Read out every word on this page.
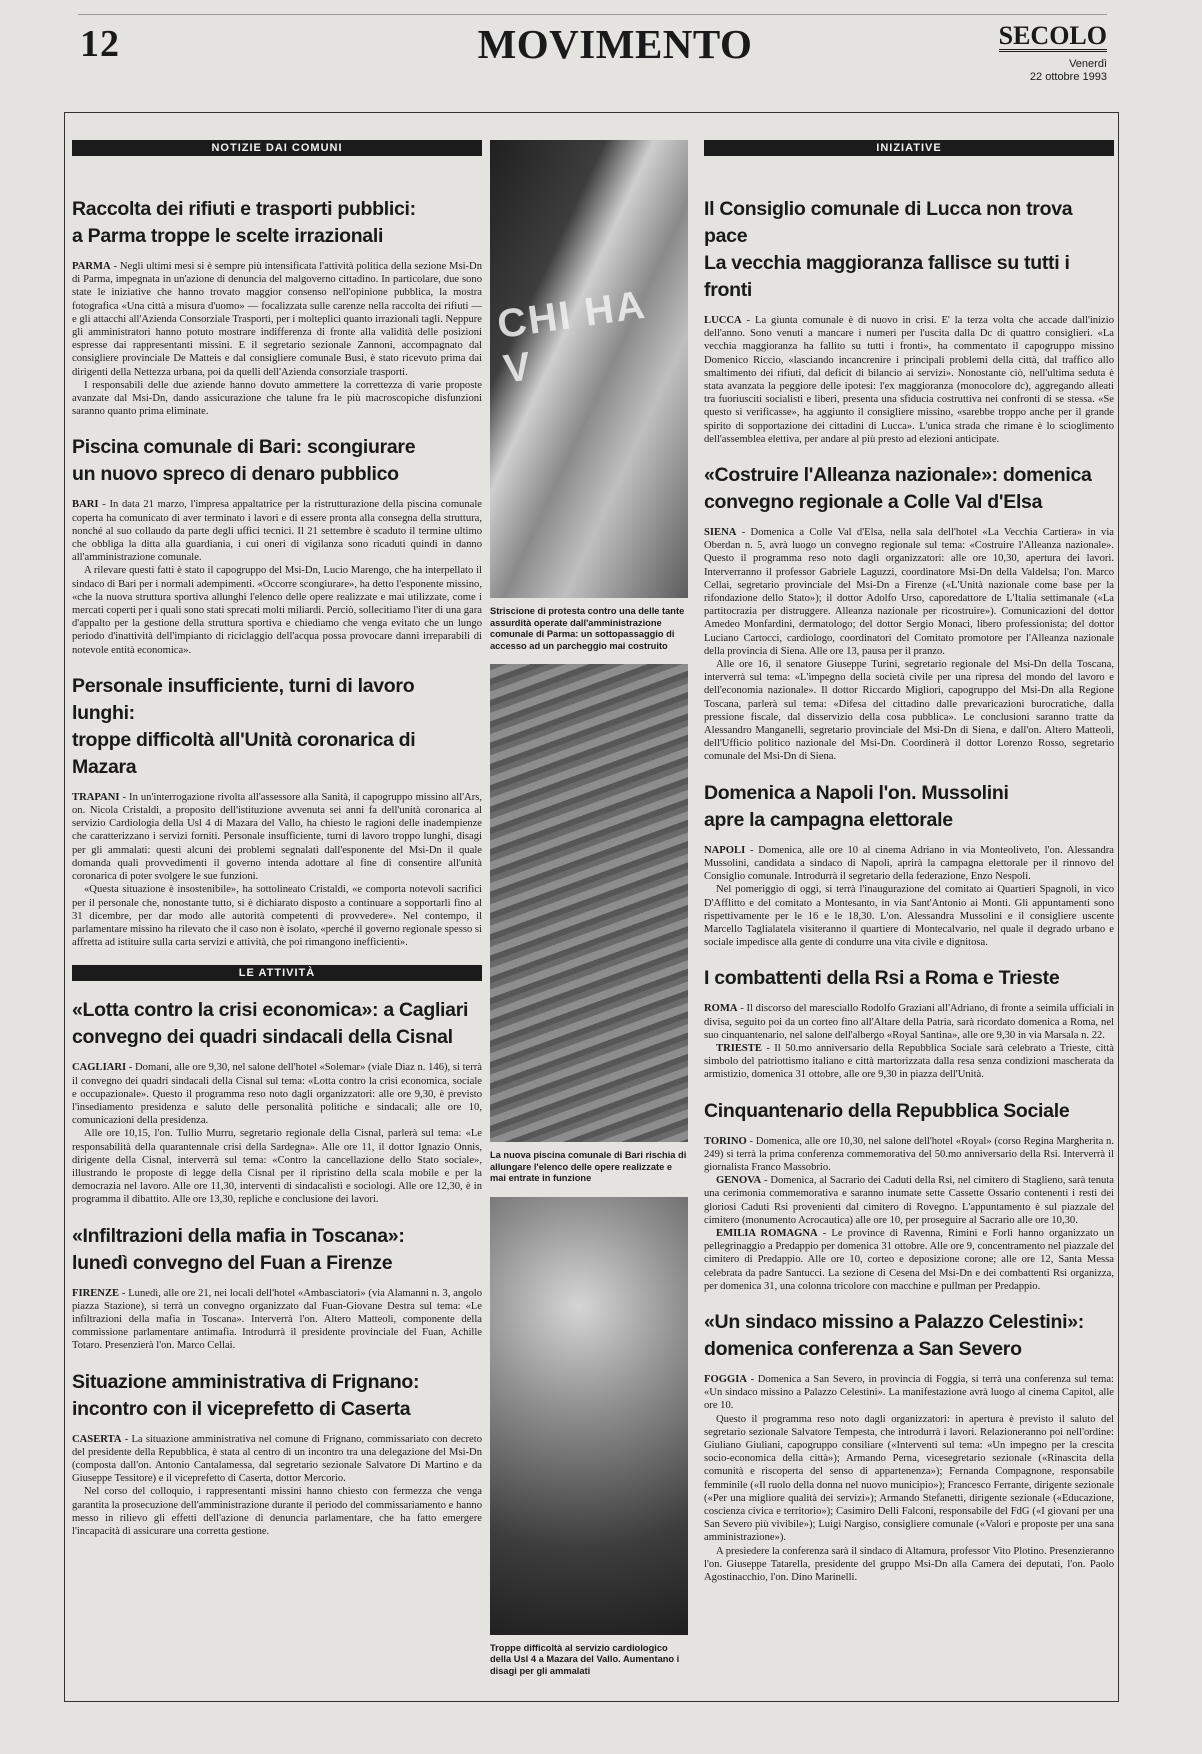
12	MOVIMENTO	SECOLO
Venerdì
22 ottobre 1993
NOTIZIE DAI COMUNI
Raccolta dei rifiuti e trasporti pubblici:
a Parma troppe le scelte irrazionali

PARMA - Negli ultimi mesi si è sempre più intensificata l'attività politica della sezione Msi-Dn di Parma, impegnata in un'azione di denuncia del malgoverno cittadino. In particolare, due sono state le iniziative che hanno trovato maggior consenso nell'opinione pubblica, la mostra fotografica «Una città a misura d'uomo» — focalizzata sulle carenze nella raccolta dei rifiuti — e gli attacchi all'Azienda Consorziale Trasporti, per i molteplici quanto irrazionali tagli. Neppure gli amministratori hanno potuto mostrare indifferenza di fronte alla validità delle posizioni espresse dai rappresentanti missini. E il segretario sezionale Zannoni, accompagnato dal consigliere provinciale De Matteis e dal consigliere comunale Busi, è stato ricevuto prima dai dirigenti della Nettezza urbana, poi da quelli dell'Azienda consorziale trasporti.

I responsabili delle due aziende hanno dovuto ammettere la correttezza di varie proposte avanzate dal Msi-Dn, dando assicurazione che talune fra le più macroscopiche disfunzioni saranno quanto prima eliminate.

Piscina comunale di Bari: scongiurare
un nuovo spreco di denaro pubblico

BARI - In data 21 marzo, l'impresa appaltatrice per la ristrutturazione della piscina comunale coperta ha comunicato di aver terminato i lavori e di essere pronta alla consegna della struttura, nonché al suo collaudo da parte degli uffici tecnici. Il 21 settembre è scaduto il termine ultimo che obbliga la ditta alla guardiania, i cui oneri di vigilanza sono ricaduti quindi in danno all'amministrazione comunale.

A rilevare questi fatti è stato il capogruppo del Msi-Dn, Lucio Marengo, che ha interpellato il sindaco di Bari per i normali adempimenti. «Occorre scongiurare», ha detto l'esponente missino, «che la nuova struttura sportiva allunghi l'elenco delle opere realizzate e mai utilizzate, come i mercati coperti per i quali sono stati sprecati molti miliardi. Perciò, sollecitiamo l'iter di una gara d'appalto per la gestione della struttura sportiva e chiediamo che venga evitato che un lungo periodo d'inattività dell'impianto di riciclaggio dell'acqua possa provocare danni irreparabili di notevole entità economica».

Personale insufficiente, turni di lavoro lunghi:
troppe difficoltà all'Unità coronarica di Mazara

TRAPANI - In un'interrogazione rivolta all'assessore alla Sanità, il capogruppo missino all'Ars, on. Nicola Cristaldi, a proposito dell'istituzione avvenuta sei anni fa dell'unità coronarica al servizio Cardiologia della Usl 4 di Mazara del Vallo, ha chiesto le ragioni delle inadempienze che caratterizzano i servizi forniti. Personale insufficiente, turni di lavoro troppo lunghi, disagi per gli ammalati: questi alcuni dei problemi segnalati dall'esponente del Msi-Dn il quale domanda quali provvedimenti il governo intenda adottare al fine di consentire all'unità coronarica di poter svolgere le sue funzioni.

«Questa situazione è insostenibile», ha sottolineato Cristaldi, «e comporta notevoli sacrifici per il personale che, nonostante tutto, si è dichiarato disposto a continuare a sopportarli fino al 31 dicembre, per dar modo alle autorità competenti di provvedere». Nel contempo, il parlamentare missino ha rilevato che il caso non è isolato, «perché il governo regionale spesso si affretta ad istituire sulla carta servizi e attività, che poi rimangono inefficienti».

LE ATTIVITÀ
«Lotta contro la crisi economica»: a Cagliari
convegno dei quadri sindacali della Cisnal

CAGLIARI - Domani, alle ore 9,30, nel salone dell'hotel «Solemar» (viale Diaz n. 146), si terrà il convegno dei quadri sindacali della Cisnal sul tema: «Lotta contro la crisi economica, sociale e occupazionale». Questo il programma reso noto dagli organizzatori: alle ore 9,30, è previsto l'insediamento presidenza e saluto delle personalità politiche e sindacali; alle ore 10, comunicazioni della presidenza.

Alle ore 10,15, l'on. Tullio Murru, segretario regionale della Cisnal, parlerà sul tema: «Le responsabilità della quarantennale crisi della Sardegna». Alle ore 11, il dottor Ignazio Onnis, dirigente della Cisnal, interverrà sul tema: «Contro la cancellazione dello Stato sociale», illustrando le proposte di legge della Cisnal per il ripristino della scala mobile e per la democrazia nel lavoro. Alle ore 11,30, interventi di sindacalisti e sociologi. Alle ore 12,30, è in programma il dibattito. Alle ore 13,30, repliche e conclusione dei lavori.

«Infiltrazioni della mafia in Toscana»:
lunedì convegno del Fuan a Firenze

FIRENZE - Lunedì, alle ore 21, nei locali dell'hotel «Ambasciatori» (via Alamanni n. 3, angolo piazza Stazione), si terrà un convegno organizzato dal Fuan-Giovane Destra sul tema: «Le infiltrazioni della mafia in Toscana». Interverrà l'on. Altero Matteoli, componente della commissione parlamentare antimafia. Introdurrà il presidente provinciale del Fuan, Achille Totaro. Presenzierà l'on. Marco Cellai.

Situazione amministrativa di Frignano:
incontro con il viceprefetto di Caserta

CASERTA - La situazione amministrativa nel comune di Frignano, commissariato con decreto del presidente della Repubblica, è stata al centro di un incontro tra una delegazione del Msi-Dn (composta dall'on. Antonio Cantalamessa, dal segretario sezionale Salvatore Di Martino e da Giuseppe Tessitore) e il viceprefetto di Caserta, dottor Mercorio.

Nel corso del colloquio, i rappresentanti missini hanno chiesto con fermezza che venga garantita la prosecuzione dell'amministrazione durante il periodo del commissariamento e hanno messo in rilievo gli effetti dell'azione di denuncia parlamentare, che ha fatto emergere l'incapacità di assicurare una corretta gestione.

CHI HA V
Striscione di protesta contro una delle tante assurdità operate dall'amministrazione comunale di Parma: un sottopassaggio di accesso ad un parcheggio mai costruito
La nuova piscina comunale di Bari rischia di allungare l'elenco delle opere realizzate e mai entrate in funzione
Troppe difficoltà al servizio cardiologico della Usl 4 a Mazara del Vallo. Aumentano i disagi per gli ammalati
INIZIATIVE
Il Consiglio comunale di Lucca non trova pace
La vecchia maggioranza fallisce su tutti i fronti

LUCCA - La giunta comunale è di nuovo in crisi. E' la terza volta che accade dall'inizio dell'anno. Sono venuti a mancare i numeri per l'uscita dalla Dc di quattro consiglieri. «La vecchia maggioranza ha fallito su tutti i fronti», ha commentato il capogruppo missino Domenico Riccio, «lasciando incancrenire i principali problemi della città, dal traffico allo smaltimento dei rifiuti, dal deficit di bilancio ai servizi». Nonostante ciò, nell'ultima seduta è stata avanzata la peggiore delle ipotesi: l'ex maggioranza (monocolore dc), aggregando alleati tra fuoriusciti socialisti e liberi, presenta una sfiducia costruttiva nei confronti di se stessa. «Se questo si verificasse», ha aggiunto il consigliere missino, «sarebbe troppo anche per il grande spirito di sopportazione dei cittadini di Lucca». L'unica strada che rimane è lo scioglimento dell'assemblea elettiva, per andare al più presto ad elezioni anticipate.

«Costruire l'Alleanza nazionale»: domenica
convegno regionale a Colle Val d'Elsa

SIENA - Domenica a Colle Val d'Elsa, nella sala dell'hotel «La Vecchia Cartiera» in via Oberdan n. 5, avrà luogo un convegno regionale sul tema: «Costruire l'Alleanza nazionale». Questo il programma reso noto dagli organizzatori: alle ore 10,30, apertura dei lavori. Interverranno il professor Gabriele Laguzzi, coordinatore Msi-Dn della Valdelsa; l'on. Marco Cellai, segretario provinciale del Msi-Dn a Firenze («L'Unità nazionale come base per la rifondazione dello Stato»); il dottor Adolfo Urso, caporedattore de L'Italia settimanale («La partitocrazia per distruggere. Alleanza nazionale per ricostruire»). Comunicazioni del dottor Amedeo Monfardini, dermatologo; del dottor Sergio Monaci, libero professionista; del dottor Luciano Cartocci, cardiologo, coordinatori del Comitato promotore per l'Alleanza nazionale della provincia di Siena. Alle ore 13, pausa per il pranzo.

Alle ore 16, il senatore Giuseppe Turini, segretario regionale del Msi-Dn della Toscana, interverrà sul tema: «L'impegno della società civile per una ripresa del mondo del lavoro e dell'economia nazionale». Il dottor Riccardo Migliori, capogruppo del Msi-Dn alla Regione Toscana, parlerà sul tema: «Difesa del cittadino dalle prevaricazioni burocratiche, dalla pressione fiscale, dal disservizio della cosa pubblica». Le conclusioni saranno tratte da Alessandro Manganelli, segretario provinciale del Msi-Dn di Siena, e dall'on. Altero Matteoli, dell'Ufficio politico nazionale del Msi-Dn. Coordinerà il dottor Lorenzo Rosso, segretario comunale del Msi-Dn di Siena.

Domenica a Napoli l'on. Mussolini
apre la campagna elettorale

NAPOLI - Domenica, alle ore 10 al cinema Adriano in via Monteoliveto, l'on. Alessandra Mussolini, candidata a sindaco di Napoli, aprirà la campagna elettorale per il rinnovo del Consiglio comunale. Introdurrà il segretario della federazione, Enzo Nespoli.

Nel pomeriggio di oggi, si terrà l'inaugurazione del comitato ai Quartieri Spagnoli, in vico D'Afflitto e del comitato a Montesanto, in via Sant'Antonio ai Monti. Gli appuntamenti sono rispettivamente per le 16 e le 18,30. L'on. Alessandra Mussolini e il consigliere uscente Marcello Taglialatela visiteranno il quartiere di Montecalvario, nel quale il degrado urbano e sociale impedisce alla gente di condurre una vita civile e dignitosa.

I combattenti della Rsi a Roma e Trieste

ROMA - Il discorso del maresciallo Rodolfo Graziani all'Adriano, di fronte a seimila ufficiali in divisa, seguito poi da un corteo fino all'Altare della Patria, sarà ricordato domenica a Roma, nel suo cinquantenario, nel salone dell'albergo «Royal Santina», alle ore 9,30 in via Marsala n. 22.

TRIESTE - Il 50.mo anniversario della Repubblica Sociale sarà celebrato a Trieste, città simbolo del patriottismo italiano e città martorizzata dalla resa senza condizioni mascherata da armistizio, domenica 31 ottobre, alle ore 9,30 in piazza dell'Unità.

Cinquantenario della Repubblica Sociale

TORINO - Domenica, alle ore 10,30, nel salone dell'hotel «Royal» (corso Regina Margherita n. 249) si terrà la prima conferenza commemorativa del 50.mo anniversario della Rsi. Interverrà il giornalista Franco Massobrio.

GENOVA - Domenica, al Sacrario dei Caduti della Rsi, nel cimitero di Staglieno, sarà tenuta una cerimonia commemorativa e saranno inumate sette Cassette Ossario contenenti i resti dei gloriosi Caduti Rsi provenienti dal cimitero di Rovegno. L'appuntamento è sul piazzale del cimitero (monumento Acrocautica) alle ore 10, per proseguire al Sacrario alle ore 10,30.

EMILIA ROMAGNA - Le province di Ravenna, Rimini e Forlì hanno organizzato un pellegrinaggio a Predappio per domenica 31 ottobre. Alle ore 9, concentramento nel piazzale del cimitero di Predappio. Alle ore 10, corteo e deposizione corone; alle ore 12, Santa Messa celebrata da padre Santucci. La sezione di Cesena del Msi-Dn e dei combattenti Rsi organizza, per domenica 31, una colonna tricolore con macchine e pullman per Predappio.

«Un sindaco missino a Palazzo Celestini»:
domenica conferenza a San Severo

FOGGIA - Domenica a San Severo, in provincia di Foggia, si terrà una conferenza sul tema: «Un sindaco missino a Palazzo Celestini». La manifestazione avrà luogo al cinema Capitol, alle ore 10.

Questo il programma reso noto dagli organizzatori: in apertura è previsto il saluto del segretario sezionale Salvatore Tempesta, che introdurrà i lavori. Relazioneranno poi nell'ordine: Giuliano Giuliani, capogruppo consiliare («Interventi sul tema: «Un impegno per la crescita socio-economica della città»); Armando Perna, vicesegretario sezionale («Rinascita della comunità e riscoperta del senso di appartenenza»); Fernanda Compagnone, responsabile femminile («Il ruolo della donna nel nuovo municipio»); Francesco Ferrante, dirigente sezionale («Per una migliore qualità dei servizi»); Armando Stefanetti, dirigente sezionale («Educazione, coscienza civica e territorio»); Casimiro Delli Falconi, responsabile del FdG («I giovani per una San Severo più vivibile»); Luigi Nargiso, consigliere comunale («Valori e proposte per una sana amministrazione»).

A presiedere la conferenza sarà il sindaco di Altamura, professor Vito Plotino. Presenzieranno l'on. Giuseppe Tatarella, presidente del gruppo Msi-Dn alla Camera dei deputati, l'on. Paolo Agostinacchio, l'on. Dino Marinelli.
